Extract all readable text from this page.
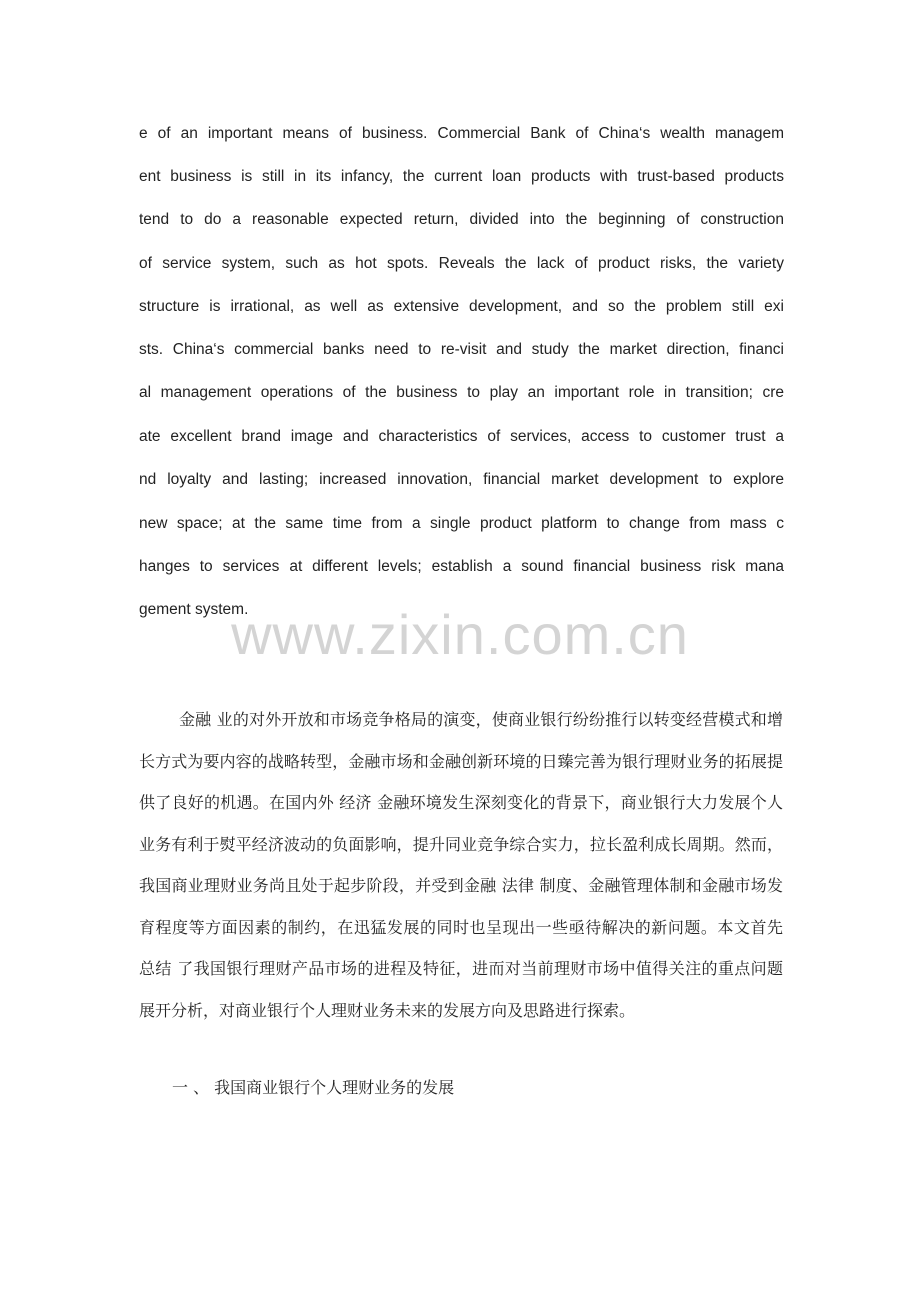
e of an important means of business. Commercial Bank of China‘s wealth managem
ent business is still in its infancy, the current loan products with trust-based products
tend to do a reasonable expected return, divided into the beginning of construction
of service system, such as hot spots. Reveals the lack of product risks, the variety
structure is irrational, as well as extensive development, and so the problem still exi
sts. China‘s commercial banks need to re-visit and study the market direction, financi
al management operations of the business to play an important role in transition; cre
ate excellent brand image and characteristics of services, access to customer trust a
nd loyalty and lasting; increased innovation, financial market development to explore
new space; at the same time from a single product platform to change from mass c
hanges to services at different levels; establish a sound financial business risk mana
gement system.
www.zixin.com.cn
金融 业的对外开放和市场竞争格局的演变，使商业银行纷纷推行以转变经营模式和增
长方式为要内容的战略转型，金融市场和金融创新环境的日臻完善为银行理财业务的拓展提
供了良好的机遇。在国内外 经济 金融环境发生深刻变化的背景下，商业银行大力发展个人
业务有利于熨平经济波动的负面影响，提升同业竞争综合实力，拉长盈利成长周期。然而，
我国商业理财业务尚且处于起步阶段，并受到金融 法律 制度、金融管理体制和金融市场发
育程度等方面因素的制约，在迅猛发展的同时也呈现出一些亟待解决的新问题。本文首先
总结 了我国银行理财产品市场的进程及特征，进而对当前理财市场中值得关注的重点问题
展开分析，对商业银行个人理财业务未来的发展方向及思路进行探索。
一 、 我国商业银行个人理财业务的发展
